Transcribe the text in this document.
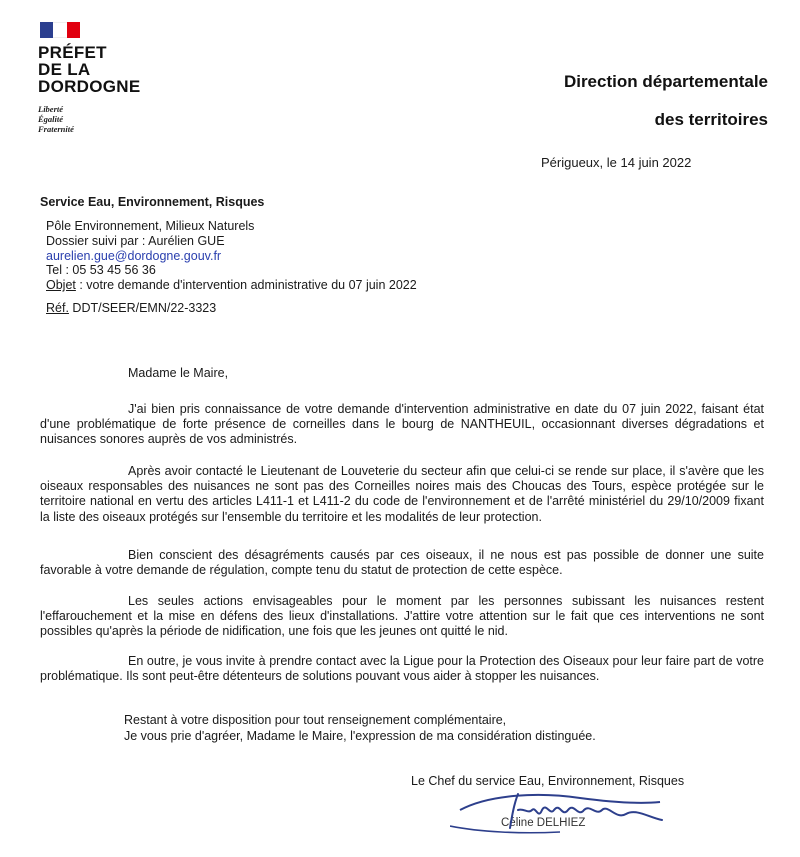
PRÉFET
DE LA
DORDOGNE
Liberté
Égalité
Fraternité
Direction départementale
des territoires
Périgueux, le 14 juin 2022
Service Eau, Environnement, Risques
Pôle Environnement, Milieux Naturels
Dossier suivi par : Aurélien GUE
aurelien.gue@dordogne.gouv.fr
Tel : 05 53 45 56 36
Objet : votre demande d'intervention administrative du 07 juin 2022
Réf. DDT/SEER/EMN/22-3323
Madame le Maire,
J'ai bien pris connaissance de votre demande d'intervention administrative en date du 07 juin 2022, faisant état d'une problématique de forte présence de corneilles dans le bourg de NANTHEUIL, occasionnant diverses dégradations et nuisances sonores auprès de vos administrés.
Après avoir contacté le Lieutenant de Louveterie du secteur afin que celui-ci se rende sur place, il s'avère que les oiseaux responsables des nuisances ne sont pas des Corneilles noires mais des Choucas des Tours, espèce protégée sur le territoire national en vertu des articles L411-1 et L411-2 du code de l'environnement et de l'arrêté ministériel du 29/10/2009 fixant la liste des oiseaux protégés sur l'ensemble du territoire et les modalités de leur protection.
Bien conscient des désagréments causés par ces oiseaux, il ne nous est pas possible de donner une suite favorable à votre demande de régulation, compte tenu du statut de protection de cette espèce.
Les seules actions envisageables pour le moment par les personnes subissant les nuisances restent l'effarouchement et la mise en défens des lieux d'installations. J'attire votre attention sur le fait que ces interventions ne sont possibles qu'après la période de nidification, une fois que les jeunes ont quitté le nid.
En outre, je vous invite à prendre contact avec la Ligue pour la Protection des Oiseaux pour leur faire part de votre problématique. Ils sont peut-être détenteurs de solutions pouvant vous aider à stopper les nuisances.
Restant à votre disposition pour tout renseignement complémentaire,
Je vous prie d'agréer, Madame le Maire, l'expression de ma considération distinguée.
Le Chef du service Eau, Environnement, Risques
Céline DELHIEZ
